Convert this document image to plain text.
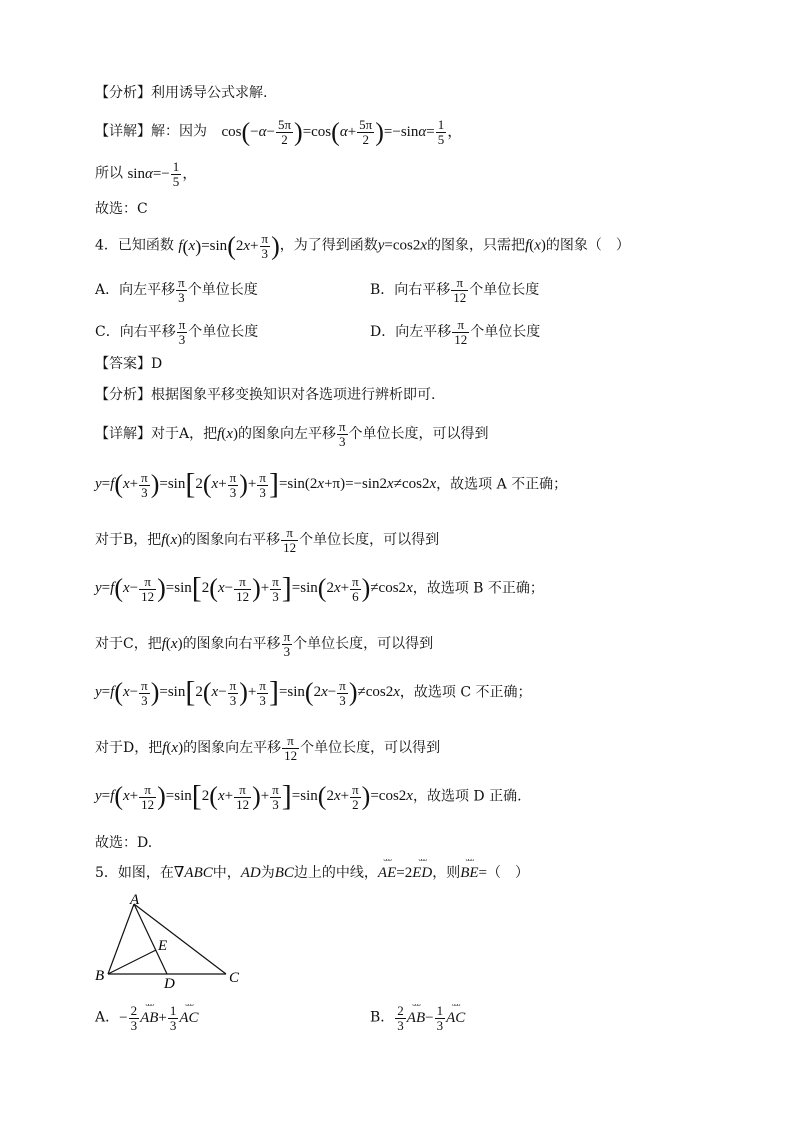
【分析】利用诱导公式求解.
【详解】解：因为 $\cos(-\alpha- \frac{5\pi}{2} )=\cos(\alpha+ \frac{5\pi}{2} )=-\sin\alpha= \frac{1}{5}$ ，
所以 $\sin\alpha=- \frac{1}{5}$ ，
故选：C
4．已知函数 $f(x)=\sin(2x+ \frac{\pi}{3}$ )，为了得到函数y=cos2x的图象，只需把f(x)的图象（　）
A．向左平移 $\frac{\pi}{3}$ 个单位长度	B．向右平移 $\frac{\pi}{12}$ 个单位长度
C．向右平移 $\frac{\pi}{3}$ 个单位长度	D．向左平移 $\frac{\pi}{12}$ 个单位长度
【答案】D
【分析】根据图象平移变换知识对各选项进行辨析即可.
【详解】对于A，把f(x)的图象向左平移 $\frac{\pi}{3}$ 个单位长度，可以得到
$y=f(x+ \frac{\pi}{3} )=\sin[2(x+ \frac{\pi}{3}$ )+ $\frac{\pi}{3} ]=\sin(2x+\pi)=-\sin 2x\ne\cos 2x$，故选项 A 不正确；
对于B，把f(x)的图象向右平移 $\frac{\pi}{12}$ 个单位长度，可以得到
$y=f(x- \frac{\pi}{12} )=\sin[2(x- \frac{\pi}{12}$ )+ $\frac{\pi}{3} ]=\sin(2x+ \frac{\pi}{6} )\ne\cos 2x$，故选项 B 不正确；
对于C，把f(x)的图象向右平移 $\frac{\pi}{3}$ 个单位长度，可以得到
$y=f(x- \frac{\pi}{3} )=\sin[2(x- \frac{\pi}{3}$ )+ $\frac{\pi}{3} ]=\sin(2x- \frac{\pi}{3} )\ne\cos 2x$，故选项 C 不正确；
对于D，把f(x)的图象向左平移 $\frac{\pi}{12}$ 个单位长度，可以得到
$y=f(x+ \frac{\pi}{12} )=\sin[2(x+ \frac{\pi}{12}$ )+ $\frac{\pi}{3} ]=\sin(2x+ \frac{\pi}{2} )=\cos 2x$，故选项 D 正确.
故选：D.
5．如图，在∇ABC中，AD为BC边上的中线，ᴗᴗᴗ AE=2ᴗᴗᴗ ED，则ᴗᴗᴗ BE=（　）
A
B	C
D
E
A．− $\frac{2}{3}$ ᴗᴗᴗ $AB+ \frac{1}{3}$ ᴗᴗᴗ AC	B． $\frac{2}{3}$ ᴗᴗᴗ $AB- \frac{1}{3}$ ᴗᴗᴗ AC
